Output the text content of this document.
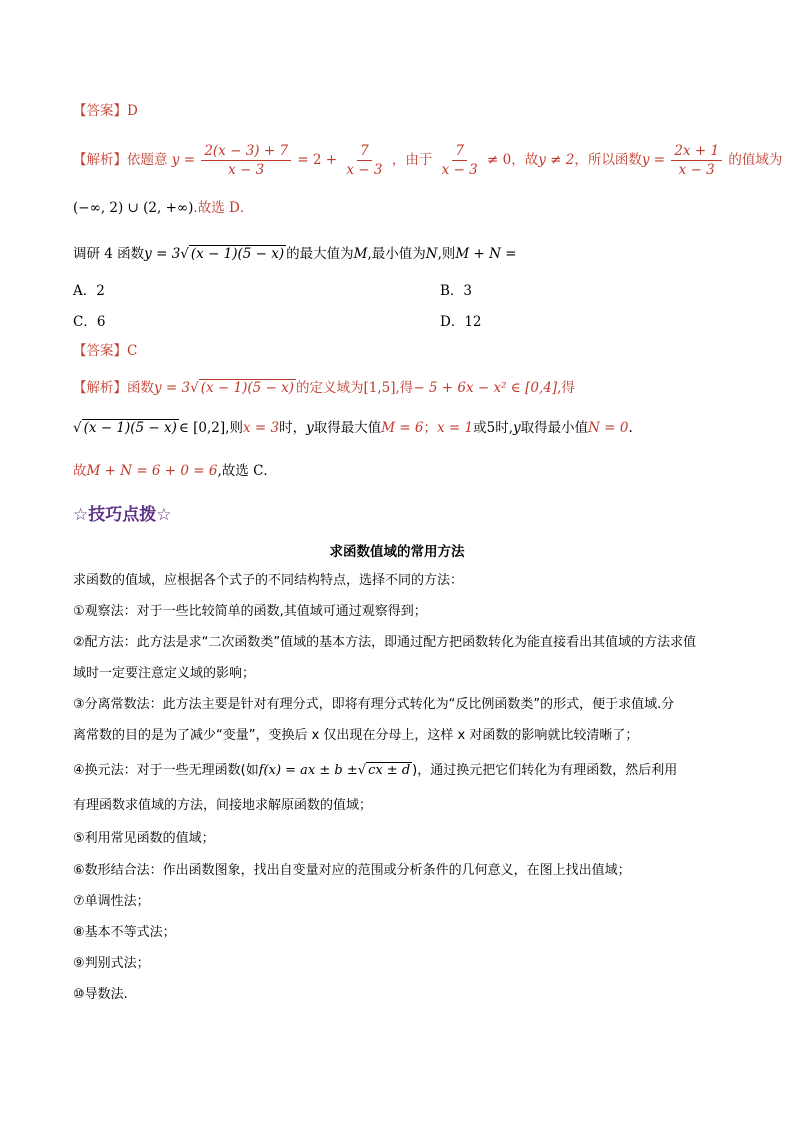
【答案】D
【解析】依题意 $y = \frac{2(x - 3) + 7}{x - 3} = 2 + \frac{7}{x - 3}$ ，由于 $\frac{7}{x - 3} \ne 0$，故y ≠ 2，所以函数$y = \frac{2x + 1}{x - 3}$ 的值域为
(−∞, 2) ∪ (2, +∞).故选 D．
调研 4 函数y = 3√ (x − 1)(5 − x) 的最大值为M,最小值为N,则M + N =
A．2	B．3
C．6	D．12
【答案】C
【解析】函数y = 3√ (x − 1)(5 − x) 的定义域为[1,5],得− 5 + 6x − x² ∈ [0,4],得
√ (x − 1)(5 − x) ∈ [0,2],则x = 3时，y取得最大值M = 6；x = 1或5时,y取得最小值N = 0.
故M + N = 6 + 0 = 6,故选 C．
☆技巧点拨☆
求函数值域的常用方法
求函数的值域，应根据各个式子的不同结构特点，选择不同的方法：
①观察法：对于一些比较简单的函数,其值域可通过观察得到；
②配方法：此方法是求“二次函数类”值域的基本方法，即通过配方把函数转化为能直接看出其值域的方法求值
域时一定要注意定义域的影响；
③分离常数法：此方法主要是针对有理分式，即将有理分式转化为“反比例函数类”的形式，便于求值域.分
离常数的目的是为了减少“变量”，变换后 x 仅出现在分母上，这样 x 对函数的影响就比较清晰了；
④换元法：对于一些无理函数(如f(x) = ax ± b ±√ cx ± d )，通过换元把它们转化为有理函数，然后利用
有理函数求值域的方法，间接地求解原函数的值域；
⑤利用常见函数的值域；
⑥数形结合法：作出函数图象，找出自变量对应的范围或分析条件的几何意义，在图上找出值域；
⑦单调性法；
⑧基本不等式法；
⑨判别式法；
⑩导数法.
